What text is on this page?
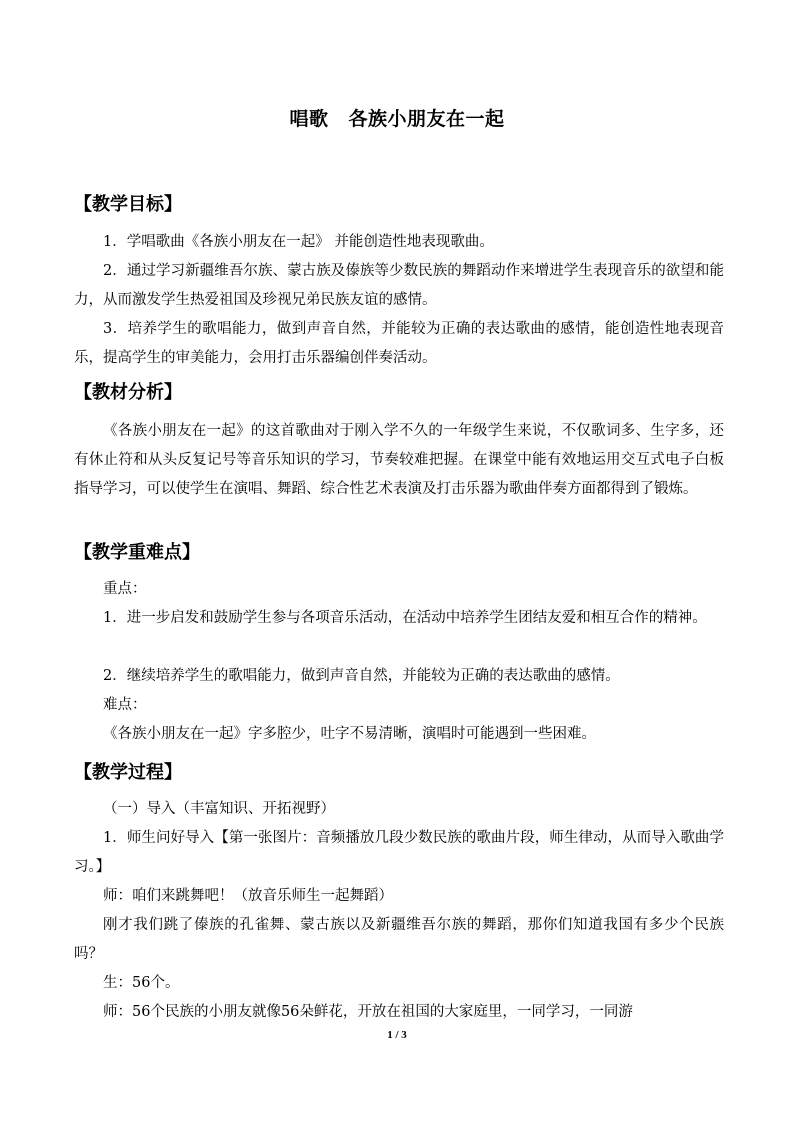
唱歌 各族小朋友在一起
【教学目标】
1．学唱歌曲《各族小朋友在一起》 并能创造性地表现歌曲。
2．通过学习新疆维吾尔族、蒙古族及傣族等少数民族的舞蹈动作来增进学生表现音乐的欲望和能力，从而激发学生热爱祖国及珍视兄弟民族友谊的感情。
3．培养学生的歌唱能力，做到声音自然，并能较为正确的表达歌曲的感情，能创造性地表现音乐，提高学生的审美能力，会用打击乐器编创伴奏活动。
【教材分析】
《各族小朋友在一起》的这首歌曲对于刚入学不久的一年级学生来说，不仅歌词多、生字多，还有休止符和从头反复记号等音乐知识的学习，节奏较难把握。在课堂中能有效地运用交互式电子白板指导学习，可以使学生在演唱、舞蹈、综合性艺术表演及打击乐器为歌曲伴奏方面都得到了锻炼。
【教学重难点】
重点：
1．进一步启发和鼓励学生参与各项音乐活动，在活动中培养学生团结友爱和相互合作的精神。
2．继续培养学生的歌唱能力，做到声音自然，并能较为正确的表达歌曲的感情。
难点：
《各族小朋友在一起》字多腔少，吐字不易清晰，演唱时可能遇到一些困难。
【教学过程】
（一）导入（丰富知识、开拓视野）
1．师生问好导入【第一张图片：音频播放几段少数民族的歌曲片段，师生律动，从而导入歌曲学习。】
师：咱们来跳舞吧！（放音乐师生一起舞蹈）
刚才我们跳了傣族的孔雀舞、蒙古族以及新疆维吾尔族的舞蹈，那你们知道我国有多少个民族吗？
生：56个。
师：56个民族的小朋友就像56朵鲜花，开放在祖国的大家庭里，一同学习，一同游
1 / 3
